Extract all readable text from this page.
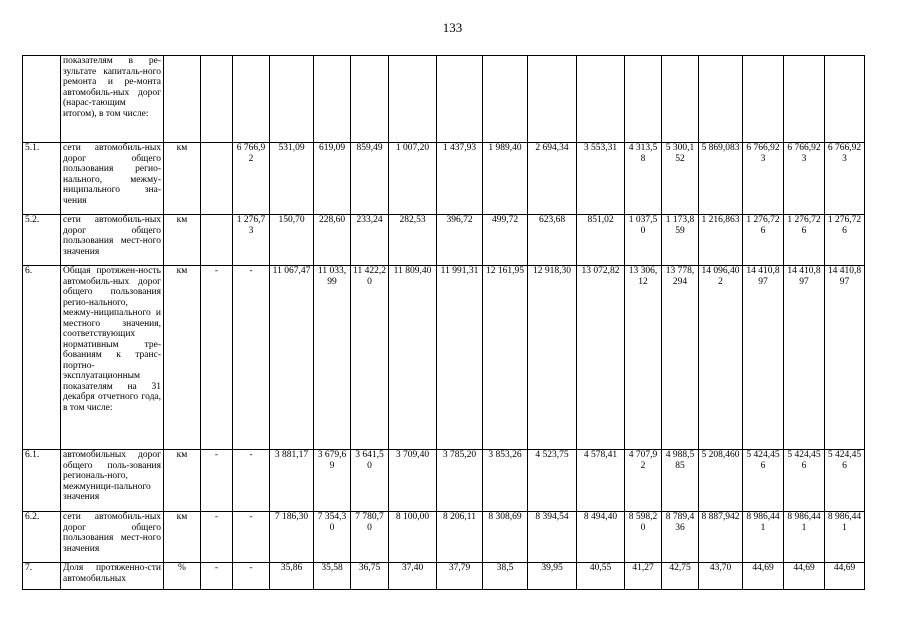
133
	показателям в ре-зультате капиталь-ного ремонта и ре-монта автомобиль-ных дорог (нараc-тающим итогом), в том числе:																	
5.1.	сети автомобиль-ных дорог общего пользования регио-нального, межму-ниципального зна-чения	км		6 766,92	531,09	619,09	859,49	1 007,20	1 437,93	1 989,40	2 694,34	3 553,31	4 313,58	5 300,152	5 869,083	6 766,923	6 766,923	6 766,923
5.2.	сети автомобиль-ных дорог общего пользования мест-ного значения	км		1 276,73	150,70	228,60	233,24	282,53	396,72	499,72	623,68	851,02	1 037,50	1 173,859	1 216,863	1 276,726	1 276,726	1 276,726
6.	Общая протяжен-ность автомобиль-ных дорог общего пользования регио-нального, межму-ниципального и местного значения, соответствующих нормативным тре-бованиям к транс-портно-эксплуатационным показателям на 31 декабря отчетного года, в том числе:	км	-	-	11 067,47	11 033,99	11 422,20	11 809,40	11 991,31	12 161,95	12 918,30	13 072,82	13 306,12	13 778,294	14 096,402	14 410,897	14 410,897	14 410,897
6.1.	автомобильных дорог общего поль-зования региональ-ного, межмуници-пального значения	км	-	-	3 881,17	3 679,69	3 641,50	3 709,40	3 785,20	3 853,26	4 523,75	4 578,41	4 707,92	4 988,585	5 208,460	5 424,456	5 424,456	5 424,456
6.2.	сети автомобиль-ных дорог общего пользования мест-ного значения	км	-	-	7 186,30	7 354,30	7 780,70	8 100,00	8 206,11	8 308,69	8 394,54	8 494,40	8 598,20	8 789,436	8 887,942	8 986,441	8 986,441	8 986,441
7.	Доля протяженно-сти автомобильных	%	-	-	35,86	35,58	36,75	37,40	37,79	38,5	39,95	40,55	41,27	42,75	43,70	44,69	44,69	44,69
